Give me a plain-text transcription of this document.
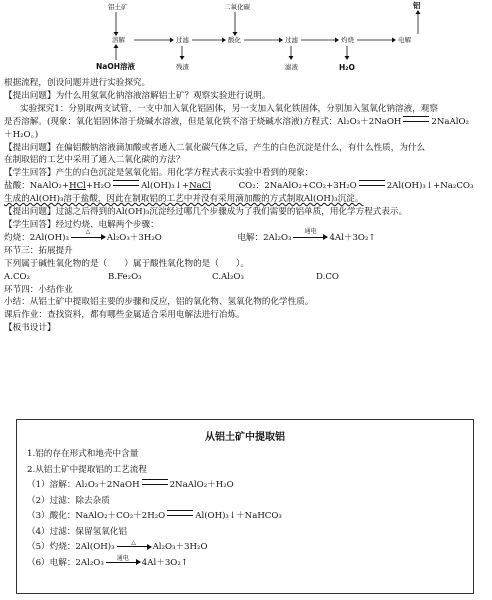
铝土矿	二氧化碳	铝
溶解	过滤	酸化	过滤	灼烧	电解
NaOH溶液	残渣	滤液	H₂O
根据流程，创设问题并进行实验探究。
【提出问题】为什么用氢氧化钠溶液溶解铝土矿？观察实验进行说明。
实验探究1：分别取两支试管，一支中加入氧化铝固体，另一支加入氧化铁固体，分别加入氢氧化钠溶液，观察
是否溶解。(现象：氧化铝固体溶于烧碱水溶液，但是氧化铁不溶于烧碱水溶液)方程式：Al₂O₃＋2NaOH	2NaAlO₂
＋H₂O。)
【提出问题】在偏铝酸钠溶液滴加酸或者通入二氧化碳气体之后，产生的白色沉淀是什么，有什么性质，为什么
在制取铝的工艺中采用了通入二氧化碳的方法？
【学生回答】产生的白色沉淀是氢氧化铝。用化学方程式表示实验中看到的现象：
盐酸：NaAlO₂+HCl+H₂O	Al(OH)₃↓+NaCl	CO₂：2NaAlO₂+CO₂+3H₂O	2Al(OH)₃↓+Na₂CO₃
生成的Al(OH)₃溶于盐酸，因此在制取铝的工艺中并没有采用滴加酸的方式制取Al(OH)₃沉淀。
【提出问题】过滤之后得到的Al(OH)₃沉淀经过哪几个步骤成为了我们需要的铝单质，用化学方程式表示。
【学生回答】经过灼烧、电解两个步骤：
灼烧：2Al(OH)₃
△
Al₂O₃＋3H₂O	电解：2Al₂O₃
通电
4Al＋3O₂↑
环节三：拓展提升
下列属于碱性氧化物的是（　　）属于酸性氧化物的是（　　）。
A.CO₂	B.Fe₂O₃	C.Al₂O₃	D.CO
环节四：小结作业
小结：从铝土矿中提取铝主要的步骤和反应，铝的氧化物、氢氧化物的化学性质。
课后作业：查找资料，都有哪些金属适合采用电解法进行冶炼。
【板书设计】
从铝土矿中提取铝
1.铝的存在形式和地壳中含量
2.从铝土矿中提取铝的工艺流程
（1）溶解：Al₂O₃＋2NaOH	2NaAlO₂＋H₂O
（2）过滤：除去杂质
（3）酸化：NaAlO₂＋CO₂＋2H₂O	Al(OH)₃↓＋NaHCO₃
（4）过滤：保留氢氧化铝
（5）灼烧：2Al(OH)₃	△	Al₂O₃＋3H₂O
（6）电解：2Al₂O₃	通电	4Al＋3O₂↑
